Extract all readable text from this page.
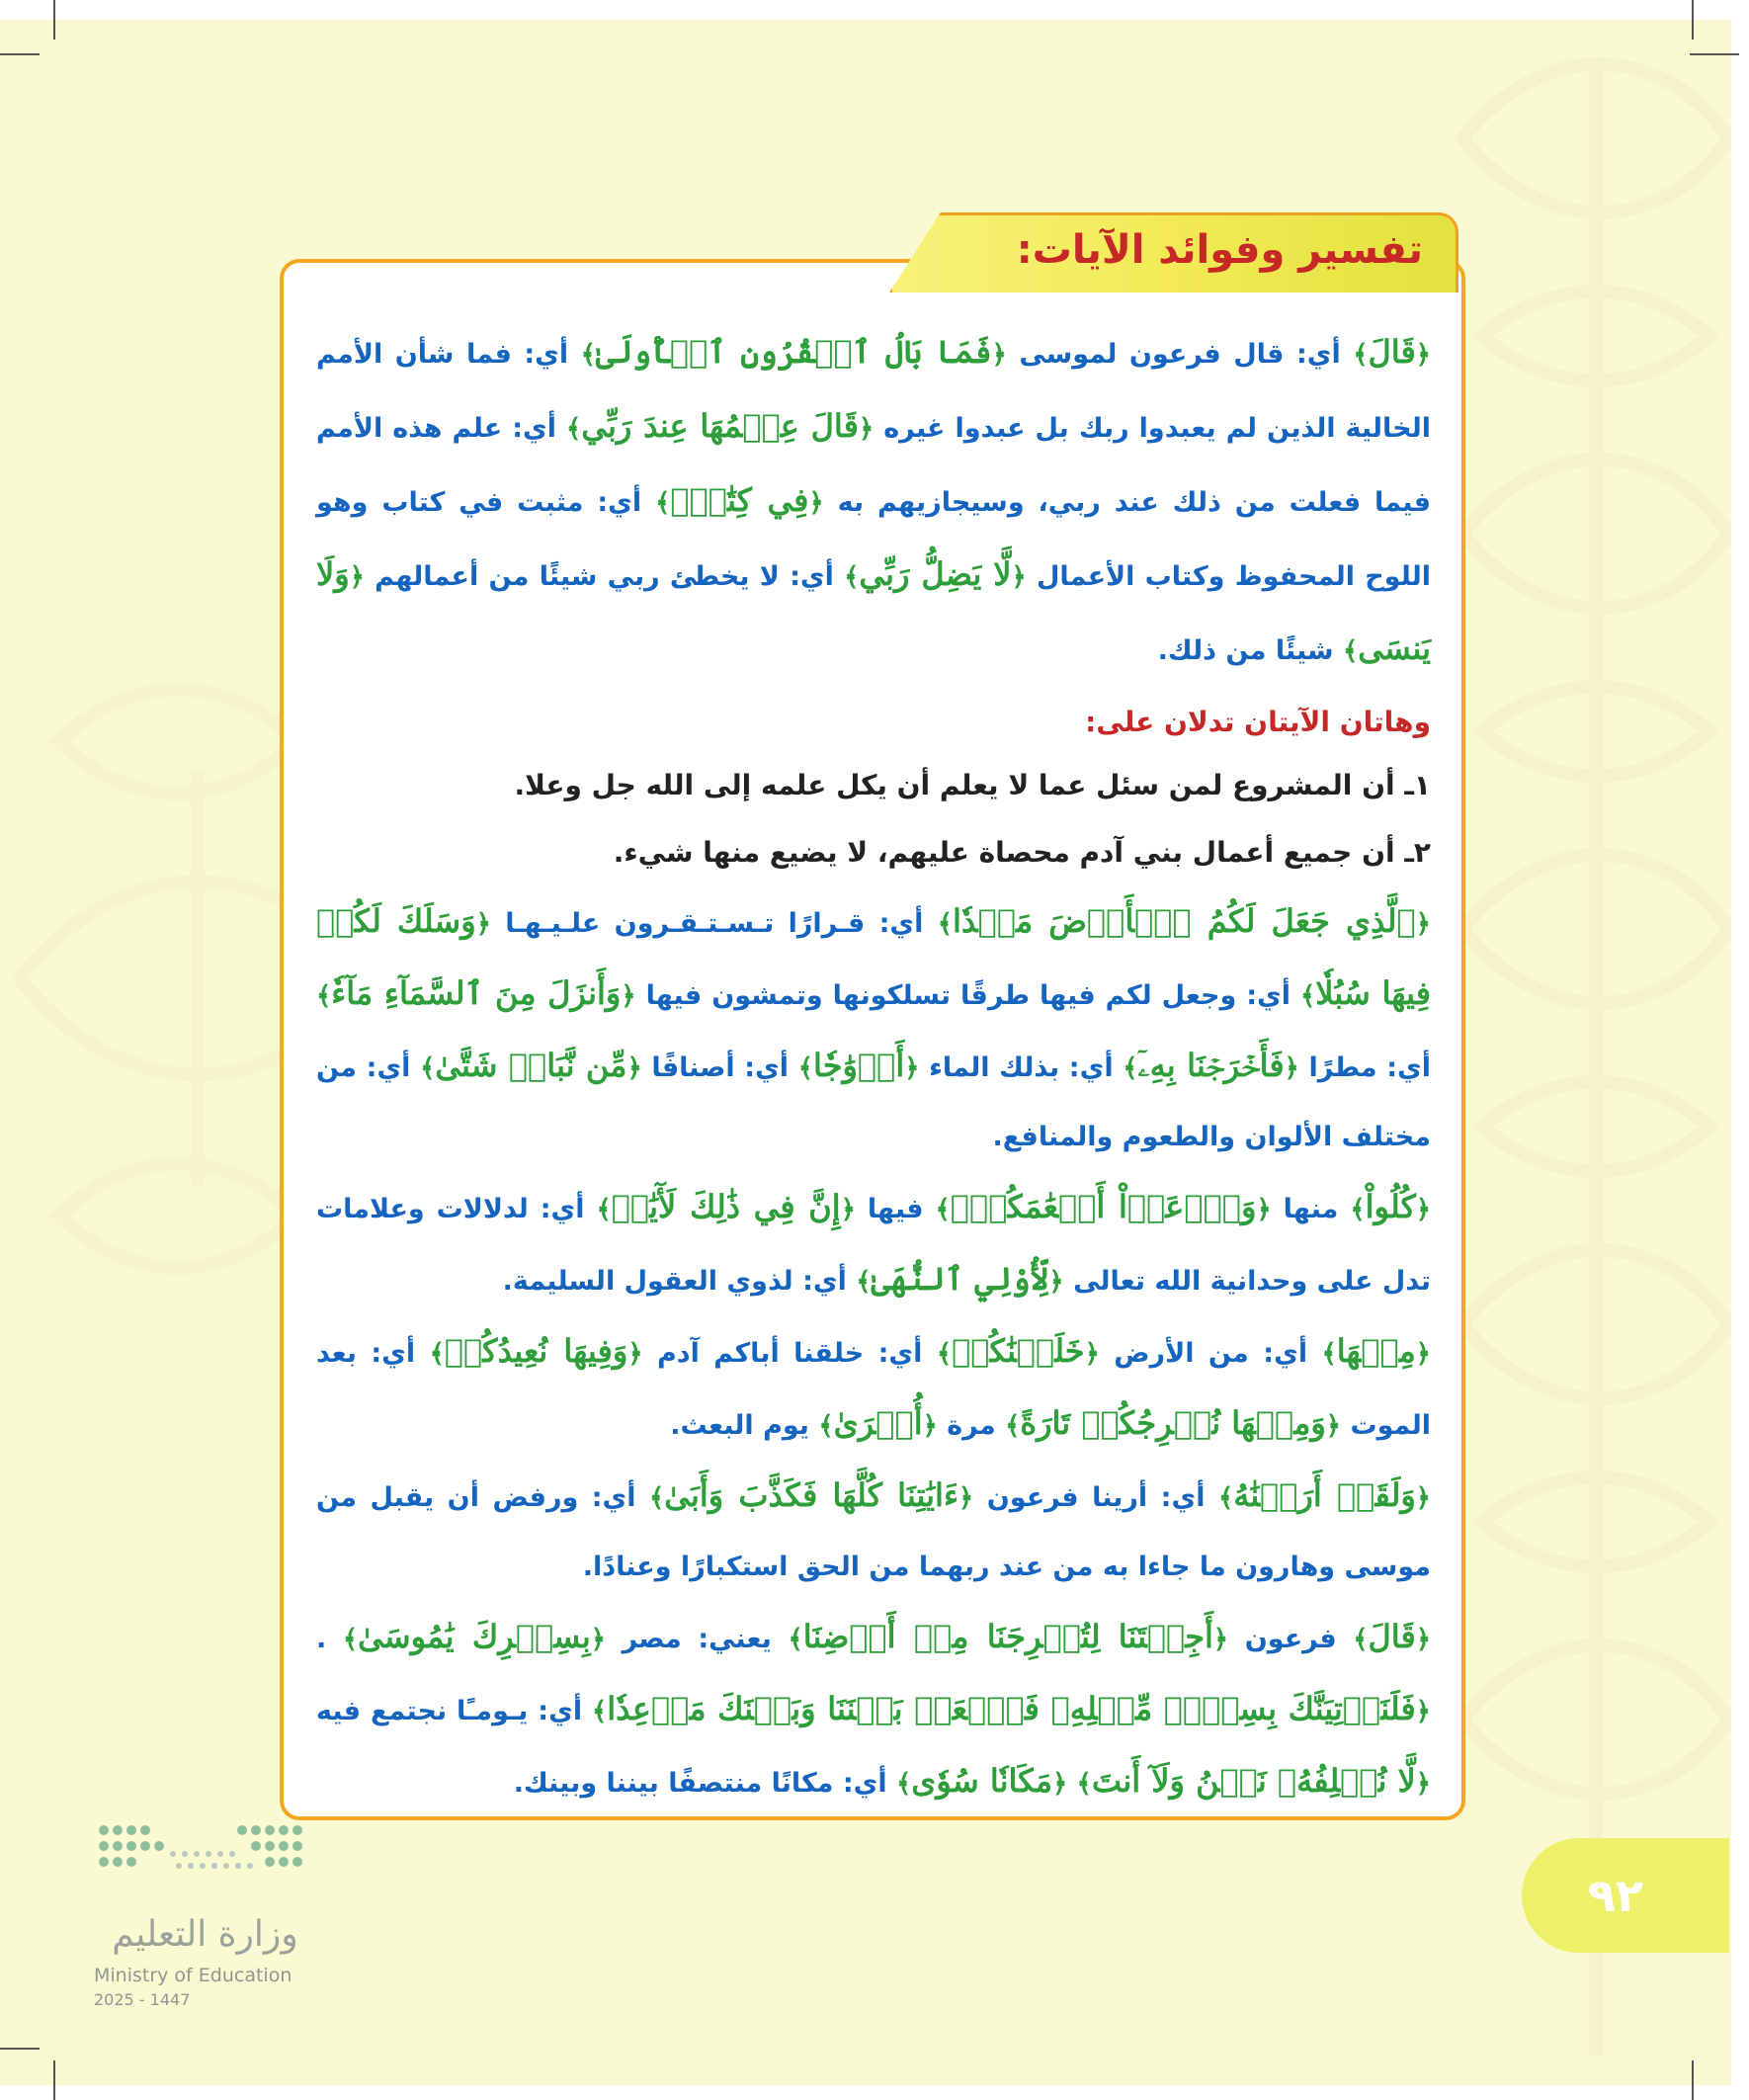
تفسير وفوائد الآيات:

﴿قَالَ﴾ أي: قال فرعون لموسى ﴿فَمَا بَالُ ٱلۡقُرُونِ ٱلۡأُولَىٰ﴾ أي: فما شأن الأمم الخالية الذين لم يعبدوا ربك بل عبدوا غيره ﴿قَالَ عِلۡمُهَا عِندَ رَبِّي﴾ أي: علم هذه الأمم فيما فعلت من ذلك عند ربي، وسيجازيهم به ﴿فِي كِتَٰبٖۖ﴾ أي: مثبت في كتاب وهو اللوح المحفوظ وكتاب الأعمال ﴿لَّا يَضِلُّ رَبِّي﴾ أي: لا يخطئ ربي شيئًا من أعمالهم ﴿وَلَا يَنسَى﴾ شيئًا من ذلك.

وهاتان الآيتان تدلان على:

١ـ أن المشروع لمن سئل عما لا يعلم أن يكل علمه إلى الله جل وعلا.

٢ـ أن جميع أعمال بني آدم محصاة عليهم، لا يضيع منها شيء.

﴿ٱلَّذِي جَعَلَ لَكُمُ ٱلۡأَرۡضَ مَهۡدٗا﴾ أي: قـرارًا تـسـتـقـرون علـيـهـا ﴿وَسَلَكَ لَكُمۡ فِيهَا سُبُلٗا﴾ أي: وجعل لكم فيها طرقًا تسلكونها وتمشون فيها ﴿وَأَنزَلَ مِنَ ٱلسَّمَآءِ مَآءٗ﴾ أي: مطرًا ﴿فَأَخۡرَجۡنَا بِهِۦٓ﴾ أي: بذلك الماء ﴿أَزۡوَٰجٗا﴾ أي: أصنافًا ﴿مِّن نَّبَاتٖ شَتَّىٰ﴾ أي: من مختلف الألوان والطعوم والمنافع.

﴿كُلُواْ﴾ منها ﴿وَٱرۡعَوۡاْ أَنۡعَٰمَكُمۡۚ﴾ فيها ﴿إِنَّ فِي ذَٰلِكَ لَأٓيَٰتٖ﴾ أي: لدلالات وعلامات تدل على وحدانية الله تعالى ﴿لِّأُوْلِي ٱلنُّهَىٰ﴾ أي: لذوي العقول السليمة.

﴿مِنۡهَا﴾ أي: من الأرض ﴿خَلَقۡنَٰكُمۡ﴾ أي: خلقنا أباكم آدم ﴿وَفِيهَا نُعِيدُكُمۡ﴾ أي: بعد الموت ﴿وَمِنۡهَا نُخۡرِجُكُمۡ تَارَةً﴾ مرة ﴿أُخۡرَىٰ﴾ يوم البعث.

﴿وَلَقَدۡ أَرَيۡنَٰهُ﴾ أي: أرينا فرعون ﴿ءَايَٰتِنَا كُلَّهَا فَكَذَّبَ وَأَبَىٰ﴾ أي: ورفض أن يقبل من موسى وهارون ما جاءا به من عند ربهما من الحق استكبارًا وعنادًا.

﴿قَالَ﴾ فرعون ﴿أَجِئۡتَنَا لِتُخۡرِجَنَا مِنۡ أَرۡضِنَا﴾ يعني: مصر ﴿بِسِحۡرِكَ يَٰمُوسَىٰ﴾ . ﴿فَلَنَأۡتِيَنَّكَ بِسِحۡرٖ مِّثۡلِهِۦ فَٱجۡعَلۡ بَيۡنَنَا وَبَيۡنَكَ مَوۡعِدٗا﴾ أي: يـومـًا نجتمع فيه ﴿لَّا نُخۡلِفُهُۥ نَحۡنُ وَلَآ أَنتَ﴾ ﴿مَكَانٗا سُوٗى﴾ أي: مكانًا منتصفًا بيننا وبينك.

٩٢
وزارة التعليم
Ministry of Education
2025 - 1447
